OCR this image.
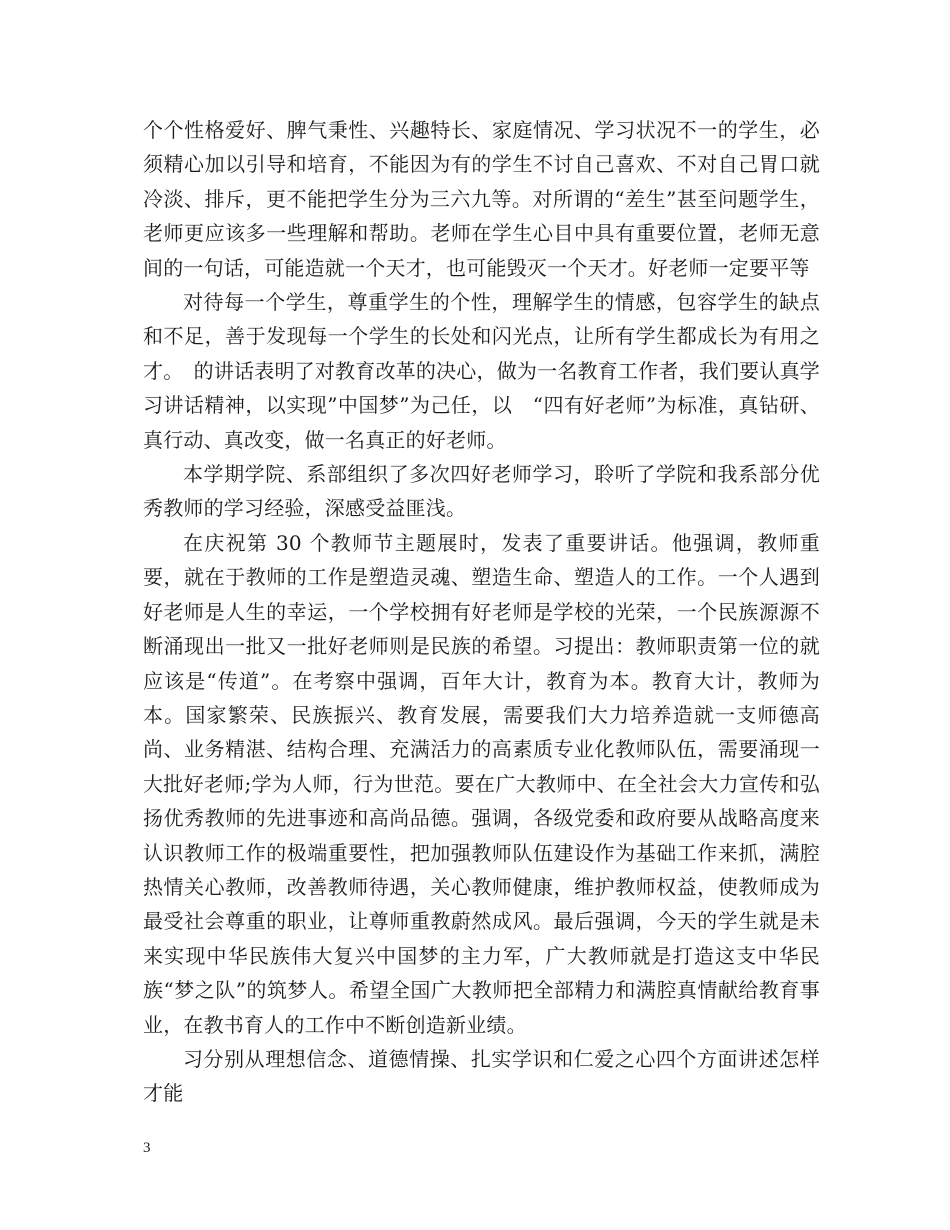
个个性格爱好、脾气秉性、兴趣特长、家庭情况、学习状况不一的学生，必须精心加以引导和培育，不能因为有的学生不讨自己喜欢、不对自己胃口就冷淡、排斥，更不能把学生分为三六九等。对所谓的“差生”甚至问题学生，老师更应该多一些理解和帮助。老师在学生心目中具有重要位置，老师无意间的一句话，可能造就一个天才，也可能毁灭一个天才。好老师一定要平等

对待每一个学生，尊重学生的个性，理解学生的情感，包容学生的缺点和不足，善于发现每一个学生的长处和闪光点，让所有学生都成长为有用之才。　的讲话表明了对教育改革的决心，做为一名教育工作者，我们要认真学习讲话精神，以实现”中国梦”为己任，以　“四有好老师”为标准，真钻研、真行动、真改变，做一名真正的好老师。

本学期学院、系部组织了多次四好老师学习，聆听了学院和我系部分优秀教师的学习经验，深感受益匪浅。

在庆祝第 30 个教师节主题展时，发表了重要讲话。他强调，教师重要，就在于教师的工作是塑造灵魂、塑造生命、塑造人的工作。一个人遇到好老师是人生的幸运，一个学校拥有好老师是学校的光荣，一个民族源源不断涌现出一批又一批好老师则是民族的希望。习提出：教师职责第一位的就应该是“传道”。在考察中强调，百年大计，教育为本。教育大计，教师为本。国家繁荣、民族振兴、教育发展，需要我们大力培养造就一支师德高尚、业务精湛、结构合理、充满活力的高素质专业化教师队伍，需要涌现一大批好老师;学为人师，行为世范。要在广大教师中、在全社会大力宣传和弘扬优秀教师的先进事迹和高尚品德。强调，各级党委和政府要从战略高度来认识教师工作的极端重要性，把加强教师队伍建设作为基础工作来抓，满腔热情关心教师，改善教师待遇，关心教师健康，维护教师权益，使教师成为最受社会尊重的职业，让尊师重教蔚然成风。最后强调，今天的学生就是未来实现中华民族伟大复兴中国梦的主力军，广大教师就是打造这支中华民族“梦之队”的筑梦人。希望全国广大教师把全部精力和满腔真情献给教育事业，在教书育人的工作中不断创造新业绩。

习分别从理想信念、道德情操、扎实学识和仁爱之心四个方面讲述怎样才能

3
